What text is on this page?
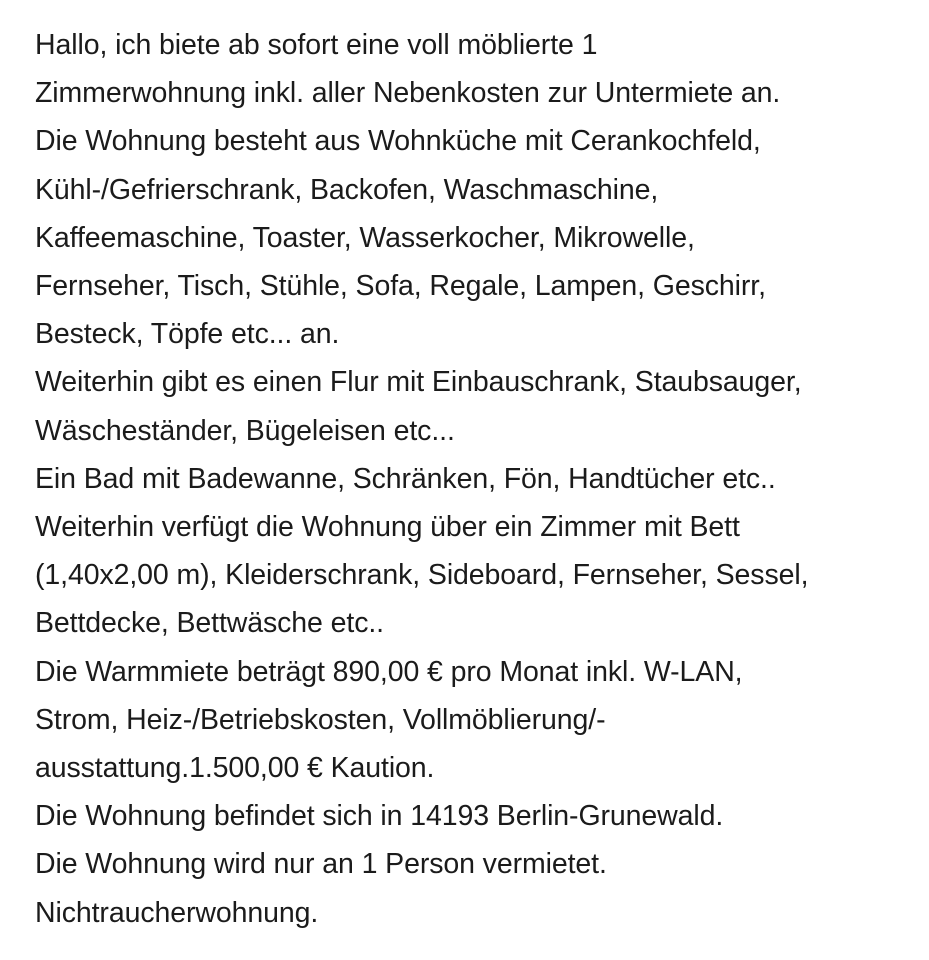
Hallo, ich biete ab sofort eine voll möblierte 1
Zimmerwohnung inkl. aller Nebenkosten zur Untermiete an.
Die Wohnung besteht aus Wohnküche mit Cerankochfeld,
Kühl-/Gefrierschrank, Backofen, Waschmaschine,
Kaffeemaschine, Toaster, Wasserkocher, Mikrowelle,
Fernseher, Tisch, Stühle, Sofa, Regale, Lampen, Geschirr,
Besteck, Töpfe etc... an.
Weiterhin gibt es einen Flur mit Einbauschrank, Staubsauger,
Wäscheständer, Bügeleisen etc...
Ein Bad mit Badewanne, Schränken, Fön, Handtücher etc..
Weiterhin verfügt die Wohnung über ein Zimmer mit Bett
(1,40x2,00 m), Kleiderschrank, Sideboard, Fernseher, Sessel,
Bettdecke, Bettwäsche etc..
Die Warmmiete beträgt 890,00 € pro Monat inkl. W-LAN,
Strom, Heiz-/Betriebskosten, Vollmöblierung/-
ausstattung.1.500,00 € Kaution.
Die Wohnung befindet sich in 14193 Berlin-Grunewald.
Die Wohnung wird nur an 1 Person vermietet.
Nichtraucherwohnung.
